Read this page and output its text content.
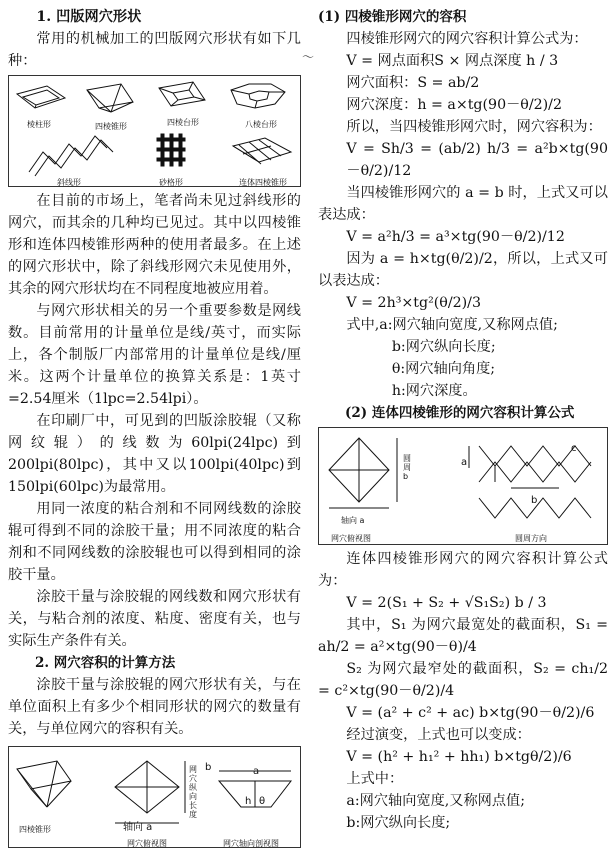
1. 凹版网穴形状

常用的机械加工的凹版网穴形状有如下几种：

棱柱形	四棱锥形	四棱台形	八棱台形
斜线形	砂格形	连体四棱锥形

在目前的市场上，笔者尚未见过斜线形的网穴，而其余的几种均已见过。其中以四棱锥形和连体四棱锥形两种的使用者最多。在上述的网穴形状中，除了斜线形网穴未见使用外，其余的网穴形状均在不同程度地被应用着。

与网穴形状相关的另一个重要参数是网线数。目前常用的计量单位是线/英寸，而实际上，各个制版厂内部常用的计量单位是线/厘米。这两个计量单位的换算关系是：1英寸=2.54厘米（1lpc=2.54lpi）。

在印刷厂中，可见到的凹版涂胶辊（又称网纹辊）的线数为60lpi(24lpc)到200lpi(80lpc)，其中又以100lpi(40lpc)到150lpi(60lpc)为最常用。

用同一浓度的粘合剂和不同网线数的涂胶辊可得到不同的涂胶干量；用不同浓度的粘合剂和不同网线数的涂胶辊也可以得到相同的涂胶干量。

涂胶干量与涂胶辊的网线数和网穴形状有关，与粘合剂的浓度、粘度、密度有关，也与实际生产条件有关。

2. 网穴容积的计算方法

涂胶干量与涂胶辊的网穴形状有关，与在单位面积上有多少个相同形状的网穴的数量有关，与单位网穴的容积有关。

四棱锥形
网穴俯视图
网穴纵向长度
网穴轴向剖视图
轴向 a
b	a
h θ
〜

(1) 四棱锥形网穴的容积

四棱锥形网穴的网穴容积计算公式为：

V = 网点面积S × 网点深度 h / 3

网穴面积：S = ab/2

网穴深度：h = a×tg(90－θ/2)/2

所以，当四棱锥形网穴时，网穴容积为：

V = Sh/3 = (ab/2) h/3 = a²b×tg(90－θ/2)/12

当四棱锥形网穴的 a = b 时，上式又可以表达成：

V = a²h/3 = a³×tg(90－θ/2)/12

因为 a = h×tg(θ/2)/2，所以，上式又可以表达成：

V = 2h³×tg²(θ/2)/3

式中,a:网穴轴向宽度,又称网点值;

b:网穴纵向长度;

θ:网穴轴向角度;

h:网穴深度。

(2) 连体四棱锥形的网穴容积计算公式

网穴俯视图
轴向 a
圆周 b
圆周方向
a
b
c

连体四棱锥形网穴的网穴容积计算公式为：

V = 2(S₁ + S₂ + √S₁S₂) b / 3

其中，S₁ 为网穴最宽处的截面积，S₁ = ah/2 = a²×tg(90－θ)/4

S₂ 为网穴最窄处的截面积，S₂ = ch₁/2 = c²×tg(90－θ/2)/4

V = (a² + c² + ac) b×tg(90－θ/2)/6

经过演变，上式也可以变成：

V = (h² + h₁² + hh₁) b×tgθ/2)/6

上式中：

a:网穴轴向宽度,又称网点值;

b:网穴纵向长度;
